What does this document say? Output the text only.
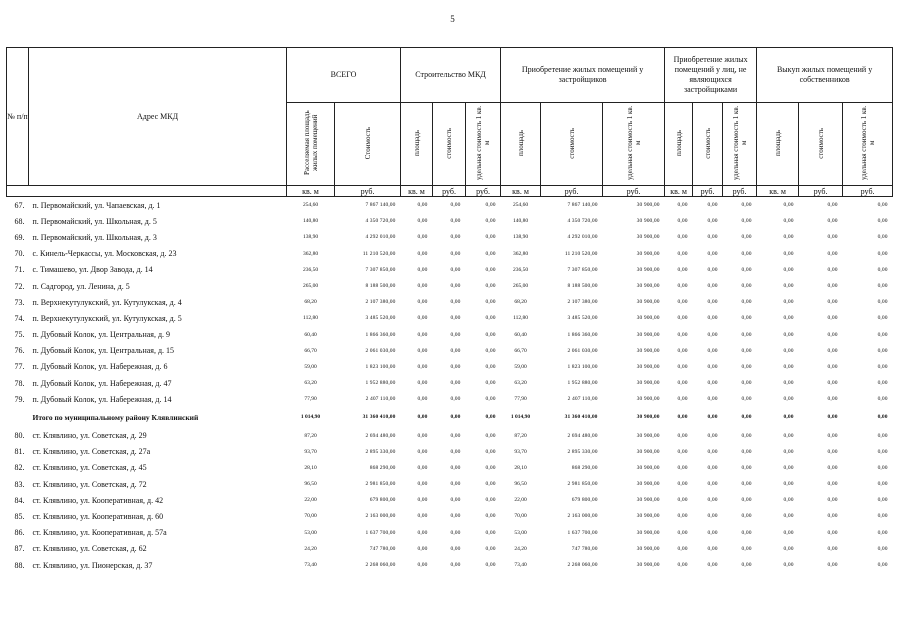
5
№ п/п	Адрес МКД	ВСЕГО		Строительство МКД			Приобретение жилых помещений у застройщиков			Приобретение жилых помещений у лиц, не являющихся застройщиками			Выкуп жилых помещений у собственников		
		Расселяемая площадь жилых помещений	Стоимость	площадь	стоимость	удельная стоимость 1 кв. м	площадь	стоимость	удельная стоимость 1 кв. м	площадь	стоимость	удельная стоимость 1 кв. м	площадь	стоимость	удельная стоимость 1 кв. м
		кв. м	руб.	кв. м	руб.	руб.	кв. м	руб.	руб.	кв. м	руб.	руб.	кв. м	руб.	руб.
67.	п. Первомайский, ул. Чапаевская, д. 1	254,60	7 867 140,00	0,00	0,00	0,00	254,60	7 867 140,00	30 900,00	0,00	0,00	0,00	0,00	0,00	0,00
68.	п. Первомайский, ул. Школьная, д. 5	140,80	4 350 720,00	0,00	0,00	0,00	140,80	4 350 720,00	30 900,00	0,00	0,00	0,00	0,00	0,00	0,00
69.	п. Первомайский, ул. Школьная, д. 3	138,90	4 292 010,00	0,00	0,00	0,00	138,90	4 292 010,00	30 900,00	0,00	0,00	0,00	0,00	0,00	0,00
70.	с. Кинель-Черкассы, ул. Московская, д. 23	362,80	11 210 520,00	0,00	0,00	0,00	362,80	11 210 520,00	30 900,00	0,00	0,00	0,00	0,00	0,00	0,00
71.	с. Тимашево, ул. Двор Завода, д. 14	236,50	7 307 850,00	0,00	0,00	0,00	236,50	7 307 850,00	30 900,00	0,00	0,00	0,00	0,00	0,00	0,00
72.	п. Садгород, ул. Ленина, д. 5	265,00	8 188 500,00	0,00	0,00	0,00	265,00	8 188 500,00	30 900,00	0,00	0,00	0,00	0,00	0,00	0,00
73.	п. Верхнекутулукский, ул. Кутулукская, д. 4	68,20	2 107 380,00	0,00	0,00	0,00	68,20	2 107 380,00	30 900,00	0,00	0,00	0,00	0,00	0,00	0,00
74.	п. Верхнекутулукский, ул. Кутулукская, д. 5	112,80	3 485 520,00	0,00	0,00	0,00	112,80	3 485 520,00	30 900,00	0,00	0,00	0,00	0,00	0,00	0,00
75.	п. Дубовый Колок, ул. Центральная, д. 9	60,40	1 866 360,00	0,00	0,00	0,00	60,40	1 866 360,00	30 900,00	0,00	0,00	0,00	0,00	0,00	0,00
76.	п. Дубовый Колок, ул. Центральная, д. 15	66,70	2 061 030,00	0,00	0,00	0,00	66,70	2 061 030,00	30 900,00	0,00	0,00	0,00	0,00	0,00	0,00
77.	п. Дубовый Колок, ул. Набережная, д. 6	59,00	1 823 100,00	0,00	0,00	0,00	59,00	1 823 100,00	30 900,00	0,00	0,00	0,00	0,00	0,00	0,00
78.	п. Дубовый Колок, ул. Набережная, д. 47	63,20	1 952 880,00	0,00	0,00	0,00	63,20	1 952 880,00	30 900,00	0,00	0,00	0,00	0,00	0,00	0,00
79.	п. Дубовый Колок, ул. Набережная, д. 14	77,90	2 407 110,00	0,00	0,00	0,00	77,90	2 407 110,00	30 900,00	0,00	0,00	0,00	0,00	0,00	0,00
	Итого по муниципальному району Клявлинский	1 014,90	31 360 410,00	0,00	0,00	0,00	1 014,90	31 360 410,00	30 900,00	0,00	0,00	0,00	0,00	0,00	0,00
80.	ст. Клявлино, ул. Советская, д. 29	87,20	2 694 480,00	0,00	0,00	0,00	87,20	2 694 480,00	30 900,00	0,00	0,00	0,00	0,00	0,00	0,00
81.	ст. Клявлино, ул. Советская, д. 27а	93,70	2 895 330,00	0,00	0,00	0,00	93,70	2 895 330,00	30 900,00	0,00	0,00	0,00	0,00	0,00	0,00
82.	ст. Клявлино, ул. Советская, д. 45	28,10	868 290,00	0,00	0,00	0,00	28,10	868 290,00	30 900,00	0,00	0,00	0,00	0,00	0,00	0,00
83.	ст. Клявлино, ул. Советская, д. 72	96,50	2 981 850,00	0,00	0,00	0,00	96,50	2 981 850,00	30 900,00	0,00	0,00	0,00	0,00	0,00	0,00
84.	ст. Клявлино, ул. Кооперативная, д. 42	22,00	679 800,00	0,00	0,00	0,00	22,00	679 800,00	30 900,00	0,00	0,00	0,00	0,00	0,00	0,00
85.	ст. Клявлино, ул. Кооперативная, д. 60	70,00	2 163 000,00	0,00	0,00	0,00	70,00	2 163 000,00	30 900,00	0,00	0,00	0,00	0,00	0,00	0,00
86.	ст. Клявлино, ул. Кооперативная, д. 57а	53,00	1 637 700,00	0,00	0,00	0,00	53,00	1 637 700,00	30 900,00	0,00	0,00	0,00	0,00	0,00	0,00
87.	ст. Клявлино, ул. Советская, д. 62	24,20	747 780,00	0,00	0,00	0,00	24,20	747 780,00	30 900,00	0,00	0,00	0,00	0,00	0,00	0,00
88.	ст. Клявлино, ул. Пионерская, д. 37	73,40	2 268 060,00	0,00	0,00	0,00	73,40	2 268 060,00	30 900,00	0,00	0,00	0,00	0,00	0,00	0,00
